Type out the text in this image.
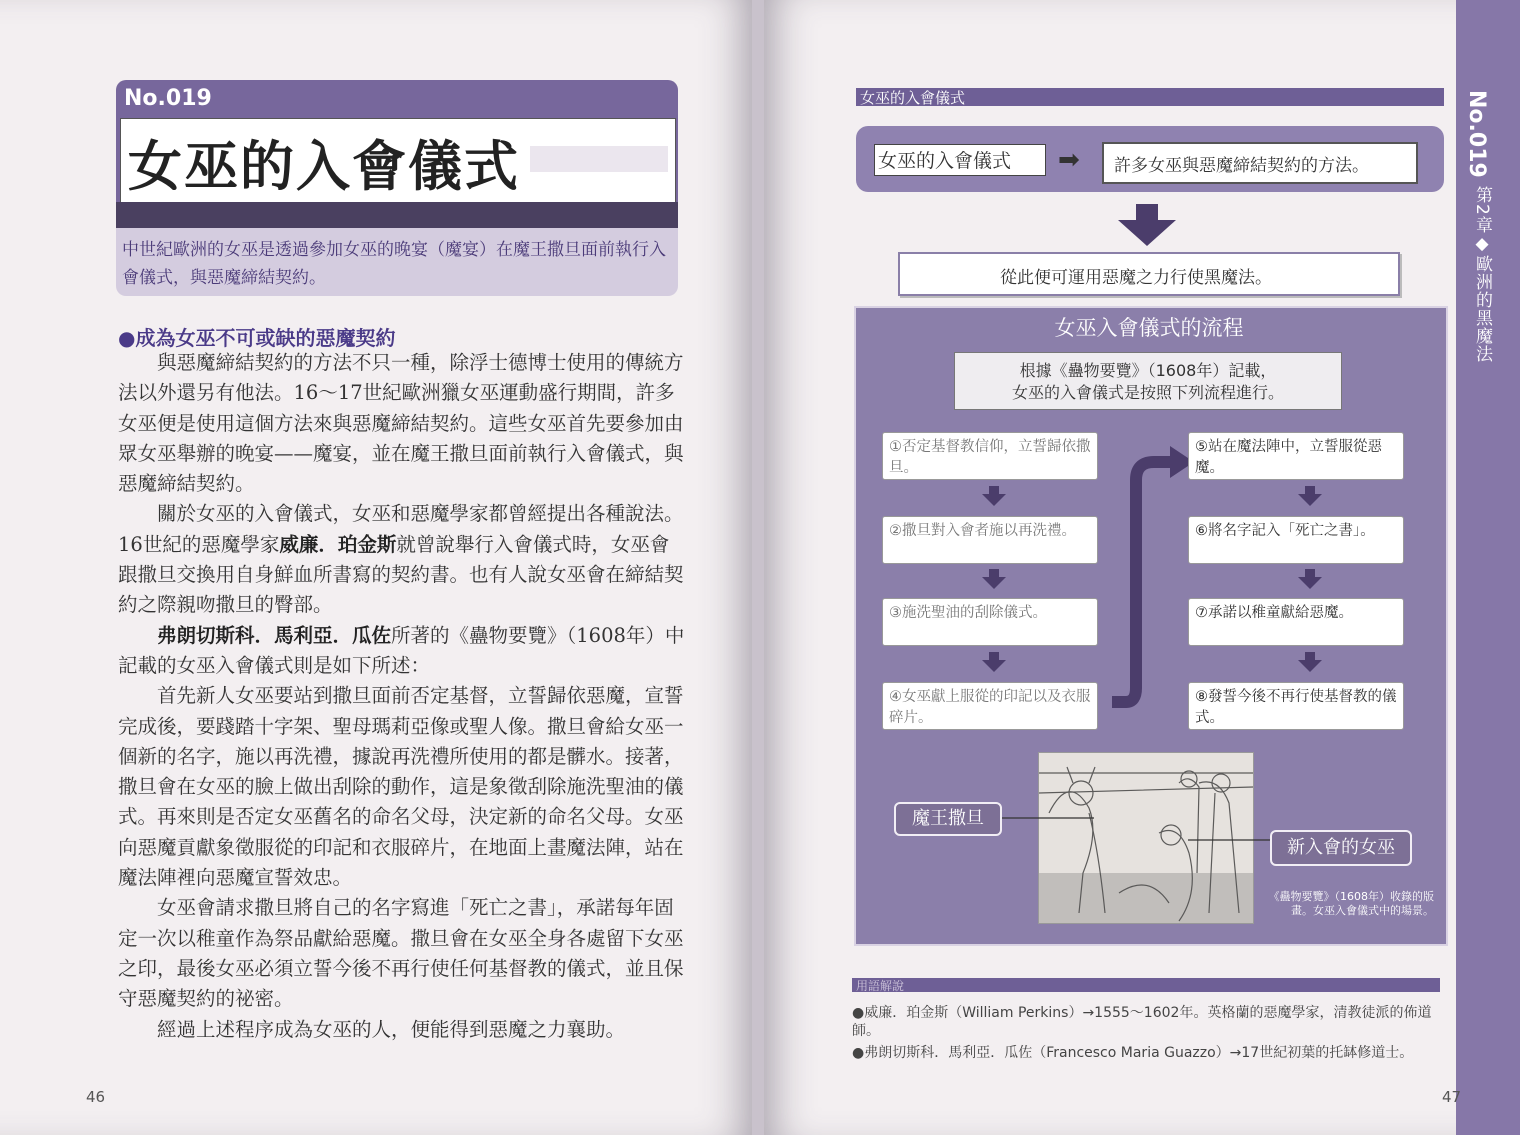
No.019
女巫的入會儀式
中世紀歐洲的女巫是透過參加女巫的晚宴（魔宴）在魔王撒旦面前執行入會儀式，與惡魔締結契約。
●成為女巫不可或缺的惡魔契約

與惡魔締結契約的方法不只一種，除浮士德博士使用的傳統方法以外還另有他法。16～17世紀歐洲獵女巫運動盛行期間，許多女巫便是使用這個方法來與惡魔締結契約。這些女巫首先要參加由眾女巫舉辦的晚宴——魔宴，並在魔王撒旦面前執行入會儀式，與惡魔締結契約。

關於女巫的入會儀式，女巫和惡魔學家都曾經提出各種說法。16世紀的惡魔學家威廉．珀金斯就曾說舉行入會儀式時，女巫會跟撒旦交換用自身鮮血所書寫的契約書。也有人說女巫會在締結契約之際親吻撒旦的臀部。

弗朗切斯科．馬利亞．瓜佐所著的《蠱物要覽》（1608年）中記載的女巫入會儀式則是如下所述：

首先新人女巫要站到撒旦面前否定基督，立誓歸依惡魔，宣誓完成後，要踐踏十字架、聖母瑪莉亞像或聖人像。撒旦會給女巫一個新的名字，施以再洗禮，據說再洗禮所使用的都是髒水。接著，撒旦會在女巫的臉上做出刮除的動作，這是象徵刮除施洗聖油的儀式。再來則是否定女巫舊名的命名父母，決定新的命名父母。女巫向惡魔貢獻象徵服從的印記和衣服碎片，在地面上畫魔法陣，站在魔法陣裡向惡魔宣誓效忠。

女巫會請求撒旦將自己的名字寫進「死亡之書」，承諾每年固定一次以稚童作為祭品獻給惡魔。撒旦會在女巫全身各處留下女巫之印，最後女巫必須立誓今後不再行使任何基督教的儀式，並且保守惡魔契約的祕密。

經過上述程序成為女巫的人，便能得到惡魔之力襄助。

46
女巫的入會儀式	No.019
第2章◆歐洲的黑魔法
女巫的入會儀式 ➡ 許多女巫與惡魔締結契約的方法。
從此便可運用惡魔之力行使黑魔法。
女巫入會儀式的流程
根據《蠱物要覽》（1608年）記載，
女巫的入會儀式是按照下列流程進行。
①否定基督教信仰，立誓歸依撒旦。
②撒旦對入會者施以再洗禮。
③施洗聖油的刮除儀式。
④女巫獻上服從的印記以及衣服碎片。
⑤站在魔法陣中，立誓服從惡魔。
⑥將名字記入「死亡之書」。
⑦承諾以稚童獻給惡魔。
⑧發誓今後不再行使基督教的儀式。
魔王撒旦
新入會的女巫
《蠱物要覽》（1608年）收錄的版畫。女巫入會儀式中的場景。
用語解說
●威廉．珀金斯（William Perkins）→1555～1602年。英格蘭的惡魔學家，清教徒派的佈道師。
●弗朗切斯科．馬利亞．瓜佐（Francesco Maria Guazzo）→17世紀初葉的托缽修道士。
47
